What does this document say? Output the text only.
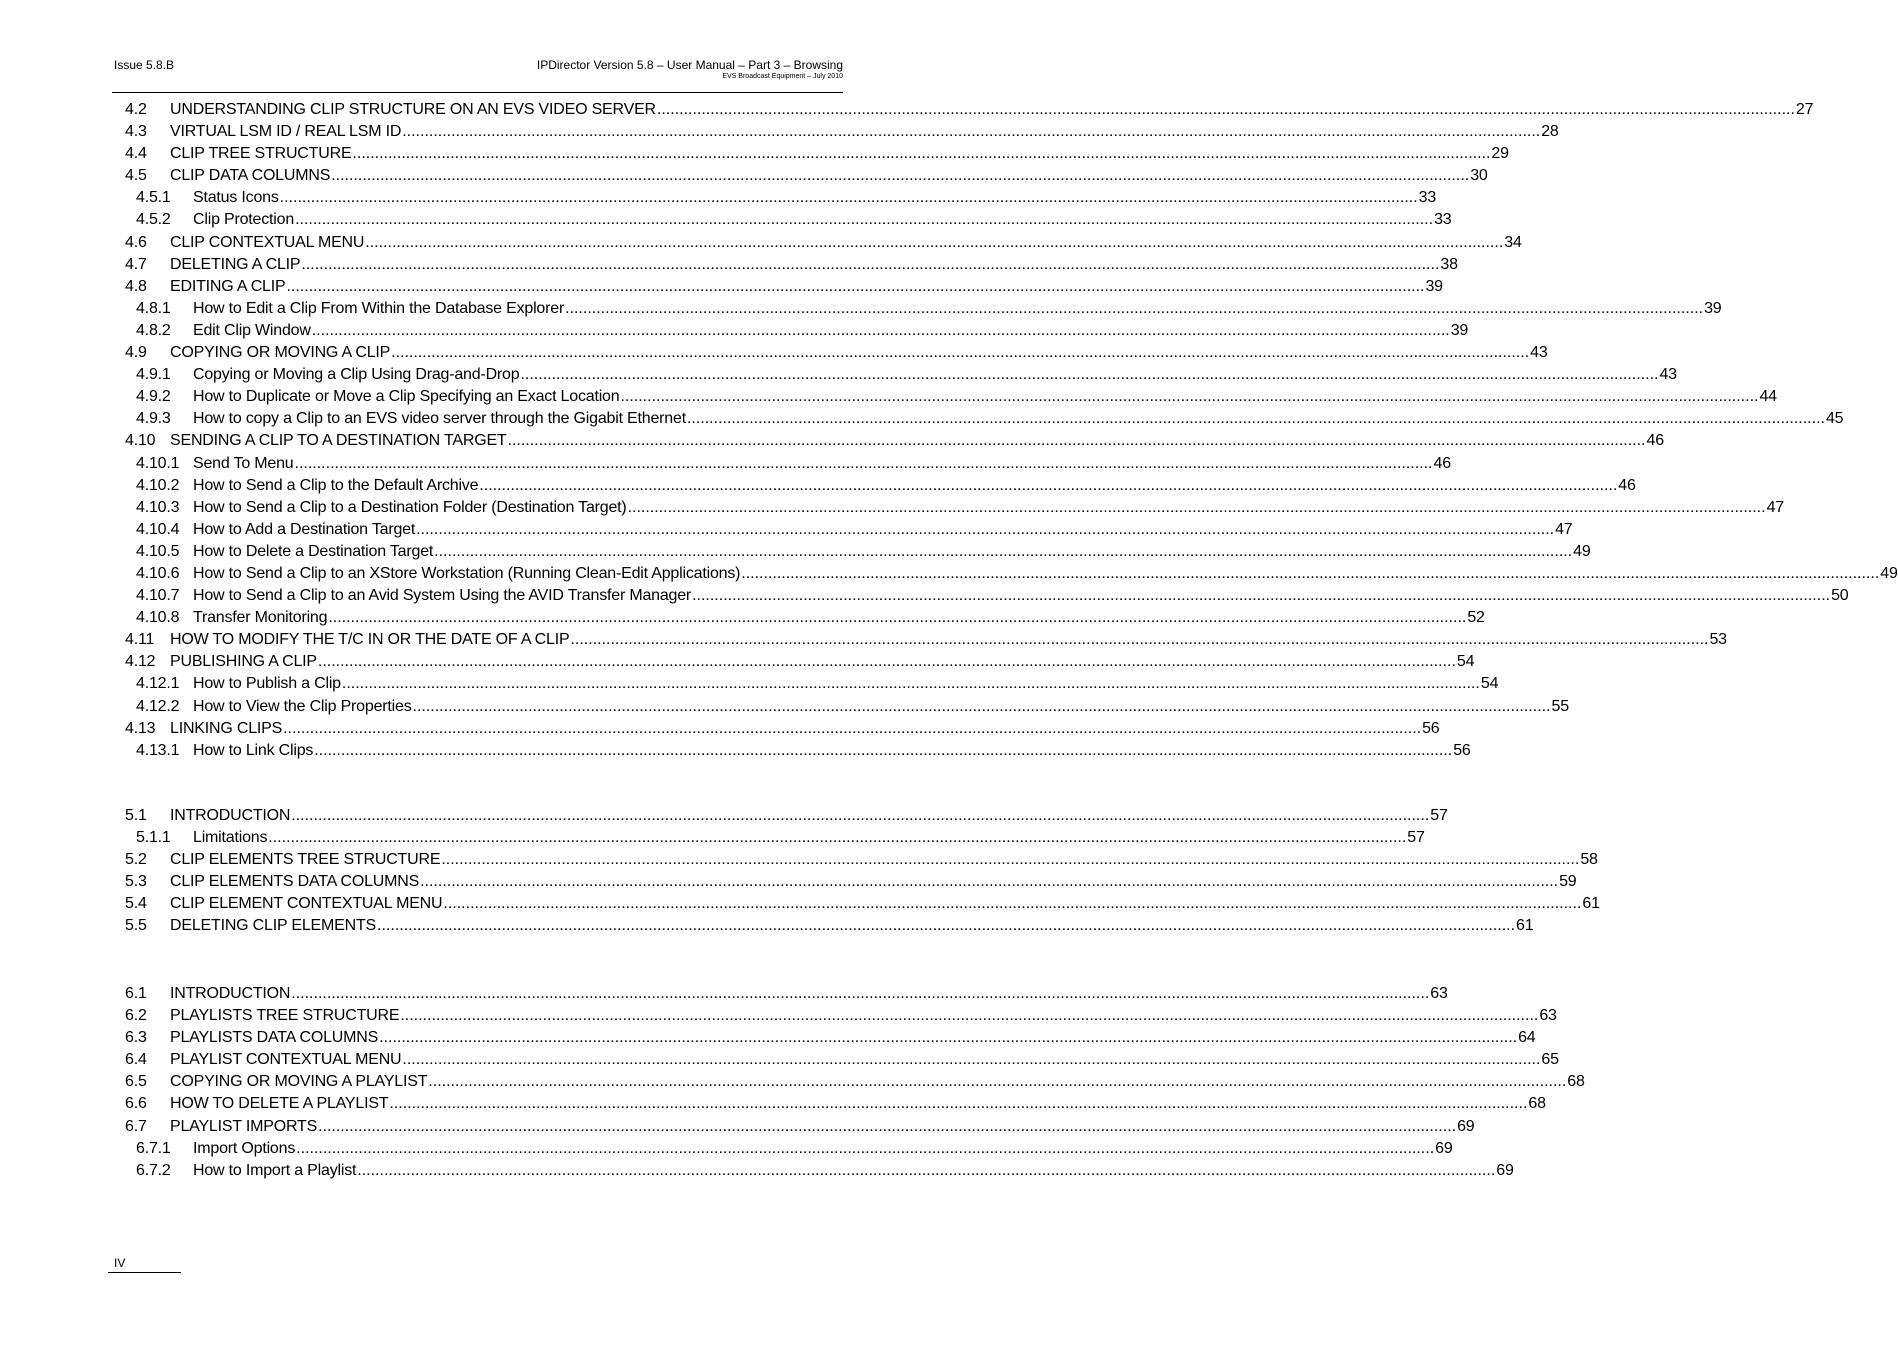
Issue 5.8.B	IPDirector Version 5.8 – User Manual – Part 3 – Browsing
EVS Broadcast Equipment – July 2010
4.2	UNDERSTANDING CLIP STRUCTURE ON AN EVS VIDEO SERVER .....	27
4.3	VIRTUAL LSM ID / REAL LSM ID .....	28
4.4	CLIP TREE STRUCTURE .....	29
4.5	CLIP DATA COLUMNS .....	30
4.5.1	Status Icons .....	33
4.5.2	Clip Protection .....	33
4.6	CLIP CONTEXTUAL MENU .....	34
4.7	DELETING A CLIP .....	38
4.8	EDITING A CLIP .....	39
4.8.1	How to Edit a Clip From Within the Database Explorer .....	39
4.8.2	Edit Clip Window .....	39
4.9	COPYING OR MOVING A CLIP .....	43
4.9.1	Copying or Moving a Clip Using Drag-and-Drop .....	43
4.9.2	How to Duplicate or Move a Clip Specifying an Exact Location .....	44
4.9.3	How to copy a Clip to an EVS video server through the Gigabit Ethernet .....	45
4.10 SENDING A CLIP TO A DESTINATION TARGET .....	46
4.10.1 Send To Menu .....	46
4.10.2 How to Send a Clip to the Default Archive .....	46
4.10.3 How to Send a Clip to a Destination Folder (Destination Target) .....	47
4.10.4 How to Add a Destination Target .....	47
4.10.5 How to Delete a Destination Target .....	49
4.10.6 How to Send a Clip to an XStore Workstation (Running Clean-Edit Applications) .....	49
4.10.7 How to Send a Clip to an Avid System Using the AVID Transfer Manager .....	50
4.10.8 Transfer Monitoring .....	52
4.11 HOW TO MODIFY THE T/C IN OR THE DATE OF A CLIP .....	53
4.12 PUBLISHING A CLIP .....	54
4.12.1 How to Publish a Clip .....	54
4.12.2 How to View the Clip Properties .....	55
4.13 LINKING CLIPS .....	56
4.13.1 How to Link Clips .....	56
5.1	INTRODUCTION .....	57
5.1.1	Limitations .....	57
5.2	CLIP ELEMENTS TREE STRUCTURE .....	58
5.3	CLIP ELEMENTS DATA COLUMNS .....	59
5.4	CLIP ELEMENT CONTEXTUAL MENU .....	61
5.5	DELETING CLIP ELEMENTS .....	61
6.1	INTRODUCTION .....	63
6.2	PLAYLISTS TREE STRUCTURE .....	63
6.3	PLAYLISTS DATA COLUMNS .....	64
6.4	PLAYLIST CONTEXTUAL MENU .....	65
6.5	COPYING OR MOVING A PLAYLIST .....	68
6.6	HOW TO DELETE A PLAYLIST .....	68
6.7	PLAYLIST IMPORTS .....	69
6.7.1	Import Options .....	69
6.7.2	How to Import a Playlist .....	69
IV
